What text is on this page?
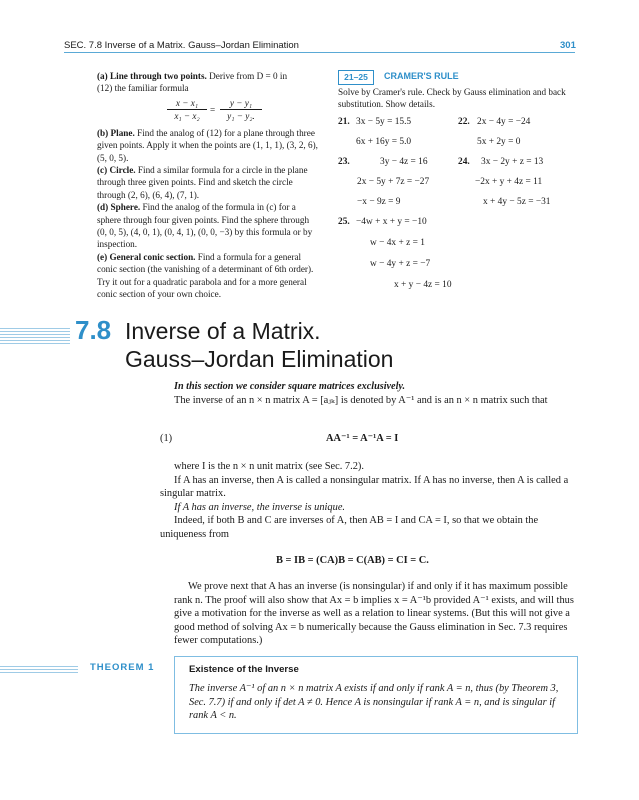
SEC. 7.8 Inverse of a Matrix. Gauss–Jordan Elimination	301
(a) Line through two points. Derive from D = 0 in
(12) the familiar formula
$\frac{\text{x − x₁}}{\text{x₁ − x₂}} = \frac{\text{y − y₁}}{\text{y₁ − y₂.}}$
(b) Plane. Find the analog of (12) for a plane through three given points. Apply it when the points are (1, 1, 1), (3, 2, 6), (5, 0, 5).
(c) Circle. Find a similar formula for a circle in the plane through three given points. Find and sketch the circle through (2, 6), (6, 4), (7, 1).
(d) Sphere. Find the analog of the formula in (c) for a sphere through four given points. Find the sphere through (0, 0, 5), (4, 0, 1), (0, 4, 1), (0, 0, −3) by this formula or by inspection.
(e) General conic section. Find a formula for a general conic section (the vanishing of a determinant of 6th order). Try it out for a quadratic parabola and for a more general conic section of your own choice.
21–25	CRAMER'S RULE
Solve by Cramer's rule. Check by Gauss elimination and back substitution. Show details.
21. 3x − 5y = 15.5
6x + 16y = 5.0
22. 2x − 4y = −24
5x + 2y = 0
23.	3y − 4z = 16
2x − 5y + 7z = −27
−x − 9z = 9
24. 3x − 2y + z = 13
−2x + y + 4z = 11
x + 4y − 5z = −31
25. −4w + x + y = −10
w − 4x + z = 1
w − 4y + z = −7
x + y − 4z = 10
7.8 Inverse of a Matrix.
Gauss–Jordan Elimination
In this section we consider square matrices exclusively.
The inverse of an n × n matrix A = [aⱼₖ] is denoted by A⁻¹ and is an n × n matrix such that
(1)	AA⁻¹ = A⁻¹A = I
where I is the n × n unit matrix (see Sec. 7.2).
If A has an inverse, then A is called a nonsingular matrix. If A has no inverse, then A is called a singular matrix.
If A has an inverse, the inverse is unique.
Indeed, if both B and C are inverses of A, then AB = I and CA = I, so that we obtain the uniqueness from
B = IB = (CA)B = C(AB) = CI = C.
We prove next that A has an inverse (is nonsingular) if and only if it has maximum possible rank n. The proof will also show that Ax = b implies x = A⁻¹b provided A⁻¹ exists, and will thus give a motivation for the inverse as well as a relation to linear systems. (But this will not give a good method of solving Ax = b numerically because the Gauss elimination in Sec. 7.3 requires fewer computations.)
THEOREM 1	Existence of the Inverse
The inverse A⁻¹ of an n × n matrix A exists if and only if rank A = n, thus (by Theorem 3, Sec. 7.7) if and only if det A ≠ 0. Hence A is nonsingular if rank A = n, and is singular if rank A < n.
